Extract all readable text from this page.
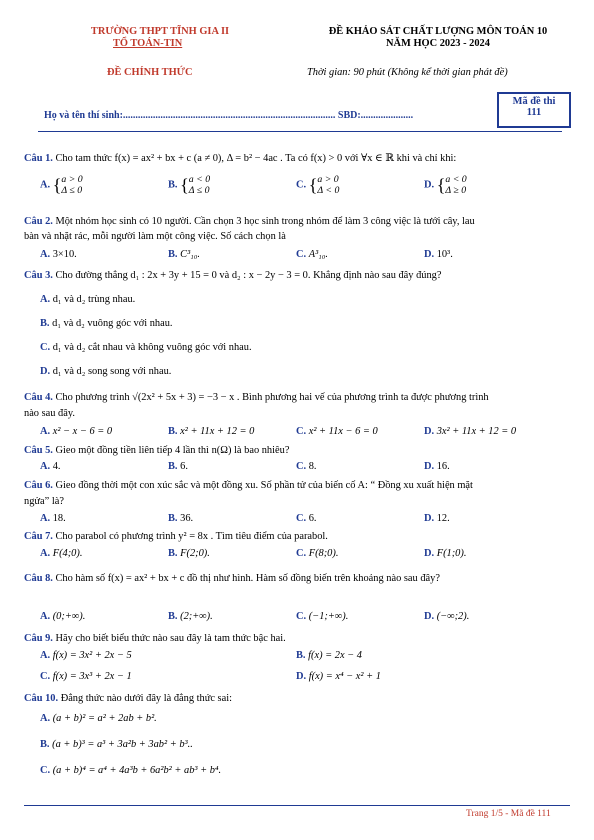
TRƯỜNG THPT TĨNH GIA II
TỔ TOÁN-TIN
ĐỀ KHẢO SÁT CHẤT LƯỢNG MÔN TOÁN 10
NĂM HỌC 2023 - 2024
ĐỀ CHÍNH THỨC	Thời gian: 90 phút (Không kể thời gian phát đề)
Họ và tên thí sinh:..................................................................................... SBD:.....................
Mã đề thi
111
Câu 1. Cho tam thức f(x) = ax² + bx + c (a ≠ 0), Δ = b² − 4ac . Ta có f(x) > 0 với ∀x ∈ ℝ khi và chỉ khi:
A. {a > 0
Δ ≤ 0
B. {a < 0
Δ ≤ 0
C. {a > 0
Δ < 0
D. {a < 0
Δ ≥ 0
Câu 2. Một nhóm học sinh có 10 người. Cần chọn 3 học sinh trong nhóm để làm 3 công việc là tưới cây, lau
bàn và nhặt rác, mỗi người làm một công việc. Số cách chọn là
A. 3×10.	B. C³₁₀.	C. A³₁₀.	D. 10³.
Câu 3. Cho đường thẳng d₁ : 2x + 3y + 15 = 0 và d₂ : x − 2y − 3 = 0. Khẳng định nào sau đây đúng?
A. d₁ và d₂ trùng nhau.
B. d₁ và d₂ vuông góc với nhau.
C. d₁ và d₂ cắt nhau và không vuông góc với nhau.
D. d₁ và d₂ song song với nhau.
Câu 4. Cho phương trình √(2x² + 5x + 3) = −3 − x . Bình phương hai vế của phương trình ta được phương trình
nào sau đây.
A. x² − x − 6 = 0	B. x² + 11x + 12 = 0	C. x² + 11x − 6 = 0	D. 3x² + 11x + 12 = 0
Câu 5. Gieo một đồng tiền liên tiếp 4 lần thì n(Ω) là bao nhiêu?
A. 4.	B. 6.	C. 8.	D. 16.
Câu 6. Gieo đồng thời một con xúc sắc và một đồng xu. Số phần tử của biến cố A: “ Đồng xu xuất hiện mặt
ngửa” là?
A. 18.	B. 36.	C. 6.	D. 12.
Câu 7. Cho parabol có phương trình y² = 8x . Tìm tiêu điểm của parabol.
A. F(4;0).	B. F(2;0).	C. F(8;0).	D. F(1;0).
Câu 8. Cho hàm số f(x) = ax² + bx + c đồ thị như hình. Hàm số đồng biến trên khoảng nào sau đây?
A. (0;+∞).	B. (2;+∞).	C. (−1;+∞).	D. (−∞;2).
Câu 9. Hãy cho biết biểu thức nào sau đây là tam thức bậc hai.
A. f(x) = 3x² + 2x − 5	B. f(x) = 2x − 4
C. f(x) = 3x³ + 2x − 1	D. f(x) = x⁴ − x² + 1
Câu 10. Đẳng thức nào dưới đây là đẳng thức sai:
A. (a + b)² = a² + 2ab + b².
B. (a + b)³ = a³ + 3a²b + 3ab² + b³..
C. (a + b)⁴ = a⁴ + 4a³b + 6a²b² + ab³ + b⁴.
Trang 1/5 - Mã đề 111
